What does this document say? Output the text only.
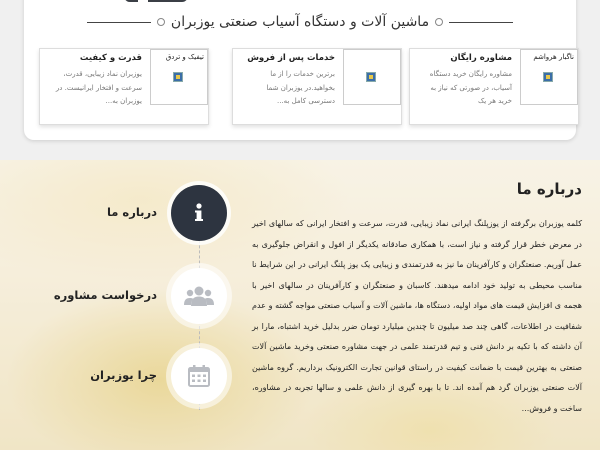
ماشین آلات و دستگاه آسیاب صنعتی یوزبران
ناگبار هرواشم
مشاوره رایگان
مشاوره رایگان خرید دستگاه آسیاب، در صورتی که نیاز به خرید هر یک
خدمات پس از فروش
برترین خدمات را از ما بخواهید.در یوزبران شما دسترسی کامل به...
تیفیک و تردق
قدرت و کیفیت
یوزبران نماد زیبایی، قدرت، سرعت و افتخار ایرانیست. در یوزبران به...
درباره ما
درخواست مشاوره
چرا یوزبران
درباره ما
کلمه یوزبران برگرفته از یوزپلنگ ایرانی نماد زیبایی، قدرت، سرعت و افتخار ایرانی که سالهای اخیر در معرض خطر قرار گرفته و نیاز است، با همکاری صادقانه یکدیگر از افول و انقراض جلوگیری به عمل آوریم. صنعتگران و کارآفرینان ما نیز به قدرتمندی و زیبایی یک یوز پلنگ ایرانی در این شرایط نا مناسب محیطی به تولید خود ادامه میدهند. کاسبان و صنعتگران و کارآفرینان در سالهای اخیر با هجمه ی افزایش قیمت های مواد اولیه، دستگاه ها، ماشین آلات و آسیاب صنعتی مواجه گشته و عدم شفافیت در اطلاعات، گاهی چند صد میلیون تا چندین میلیارد تومان ضرر بدلیل خرید اشتباه، مارا بر آن داشته که با تکیه بر دانش فنی و تیم قدرتمند علمی در جهت مشاوره صنعتی وخرید ماشین آلات صنعتی به بهترین قیمت با ضمانت کیفیت در راستای قوانین تجارت الکترونیک برداریم. گروه ماشین آلات صنعتی یوزبران گرد هم آمده اند. تا با بهره گیری از دانش علمی و سالها تجربه در مشاوره، ساخت و فروش...
